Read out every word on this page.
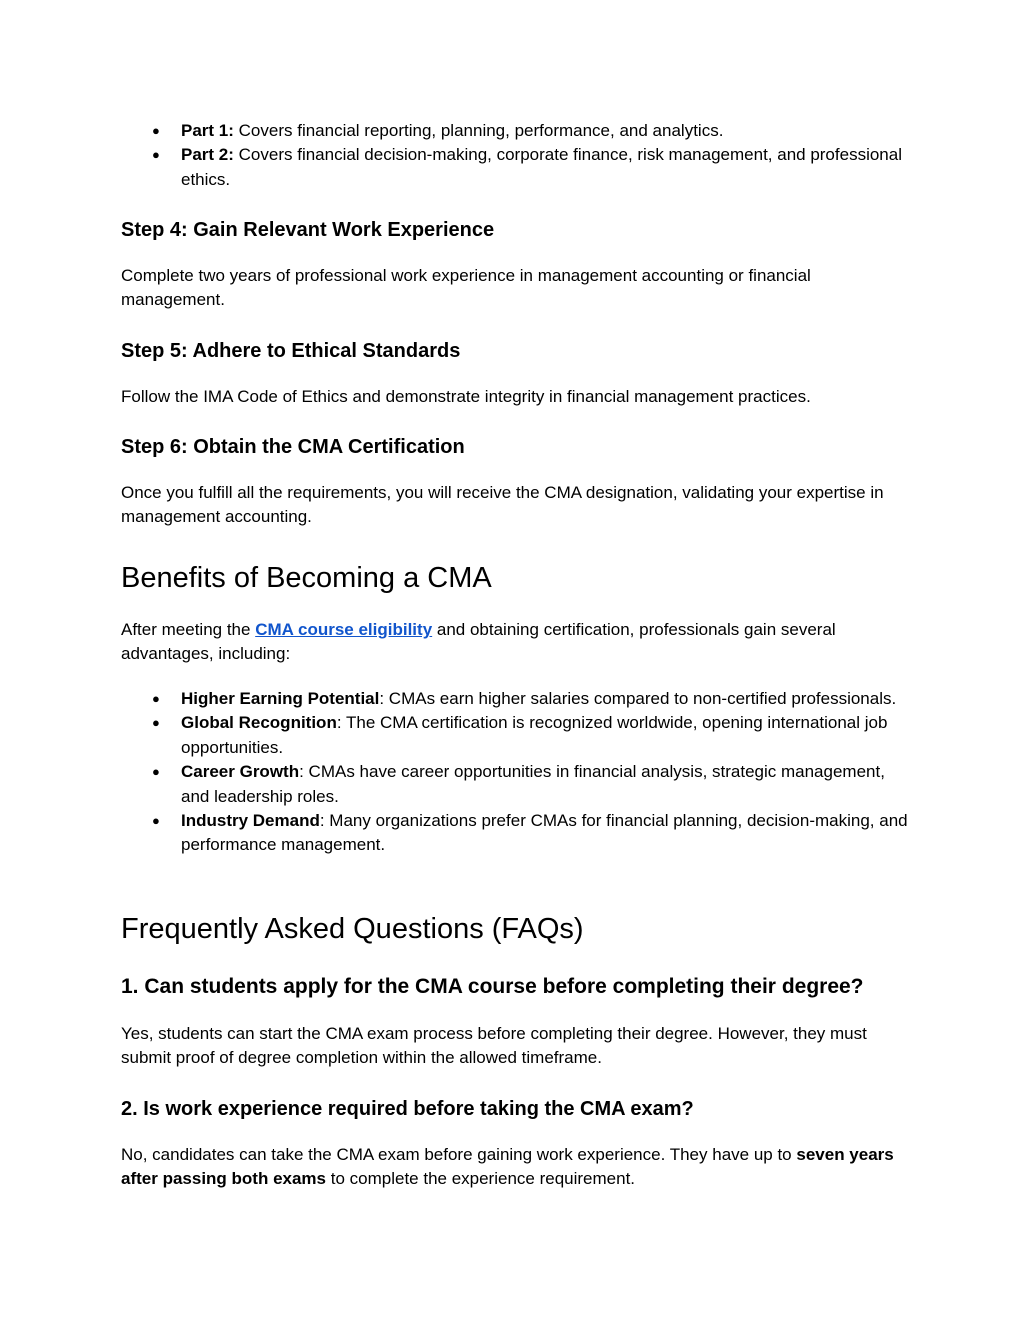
● Part 1: Covers financial reporting, planning, performance, and analytics.
● Part 2: Covers financial decision-making, corporate finance, risk management, and professional ethics.
Step 4: Gain Relevant Work Experience

Complete two years of professional work experience in management accounting or financial management.

Step 5: Adhere to Ethical Standards

Follow the IMA Code of Ethics and demonstrate integrity in financial management practices.

Step 6: Obtain the CMA Certification

Once you fulfill all the requirements, you will receive the CMA designation, validating your expertise in management accounting.

Benefits of Becoming a CMA

After meeting the CMA course eligibility and obtaining certification, professionals gain several advantages, including:

● Higher Earning Potential: CMAs earn higher salaries compared to non-certified professionals.
● Global Recognition: The CMA certification is recognized worldwide, opening international job opportunities.
● Career Growth: CMAs have career opportunities in financial analysis, strategic management, and leadership roles.
● Industry Demand: Many organizations prefer CMAs for financial planning, decision-making, and performance management.
Frequently Asked Questions (FAQs)
1. Can students apply for the CMA course before completing their degree?

Yes, students can start the CMA exam process before completing their degree. However, they must submit proof of degree completion within the allowed timeframe.

2. Is work experience required before taking the CMA exam?

No, candidates can take the CMA exam before gaining work experience. They have up to seven years after passing both exams to complete the experience requirement.
